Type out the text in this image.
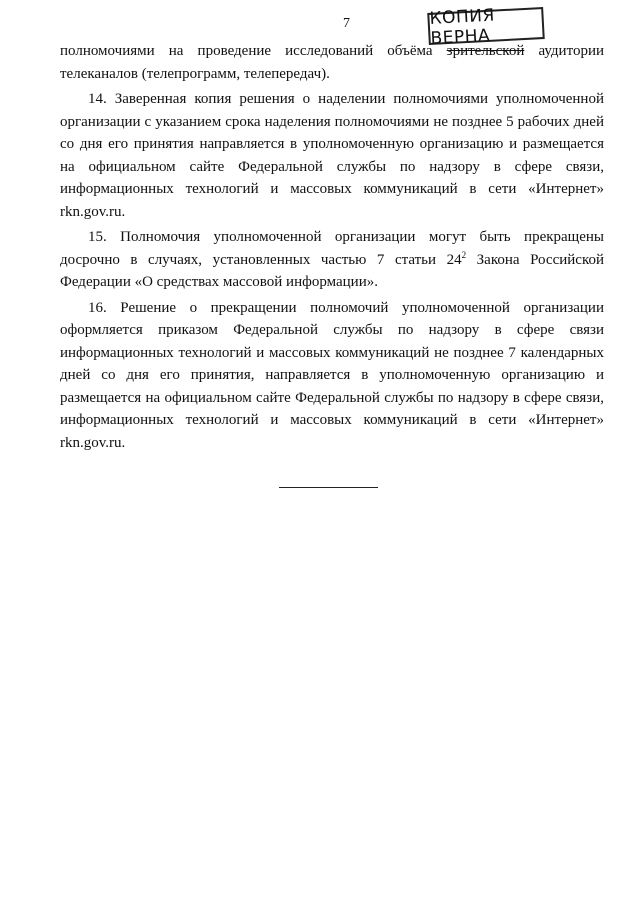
7	КОПИЯ ВЕРНА

полномочиями на проведение исследований объёма зрительской аудитории телеканалов (телепрограмм, телепередач).

14. Заверенная копия решения о наделении полномочиями уполномоченной организации с указанием срока наделения полномочиями не позднее 5 рабочих дней со дня его принятия направляется в уполномоченную организацию и размещается на официальном сайте Федеральной службы по надзору в сфере связи, информационных технологий и массовых коммуникаций в сети «Интернет» rkn.gov.ru.

15. Полномочия уполномоченной организации могут быть прекращены досрочно в случаях, установленных частью 7 статьи $24^2$ Закона Российской Федерации «О средствах массовой информации».

16. Решение о прекращении полномочий уполномоченной организации оформляется приказом Федеральной службы по надзору в сфере связи информационных технологий и массовых коммуникаций не позднее 7 календарных дней со дня его принятия, направляется в уполномоченную организацию и размещается на официальном сайте Федеральной службы по надзору в сфере связи, информационных технологий и массовых коммуникаций в сети «Интернет» rkn.gov.ru.
